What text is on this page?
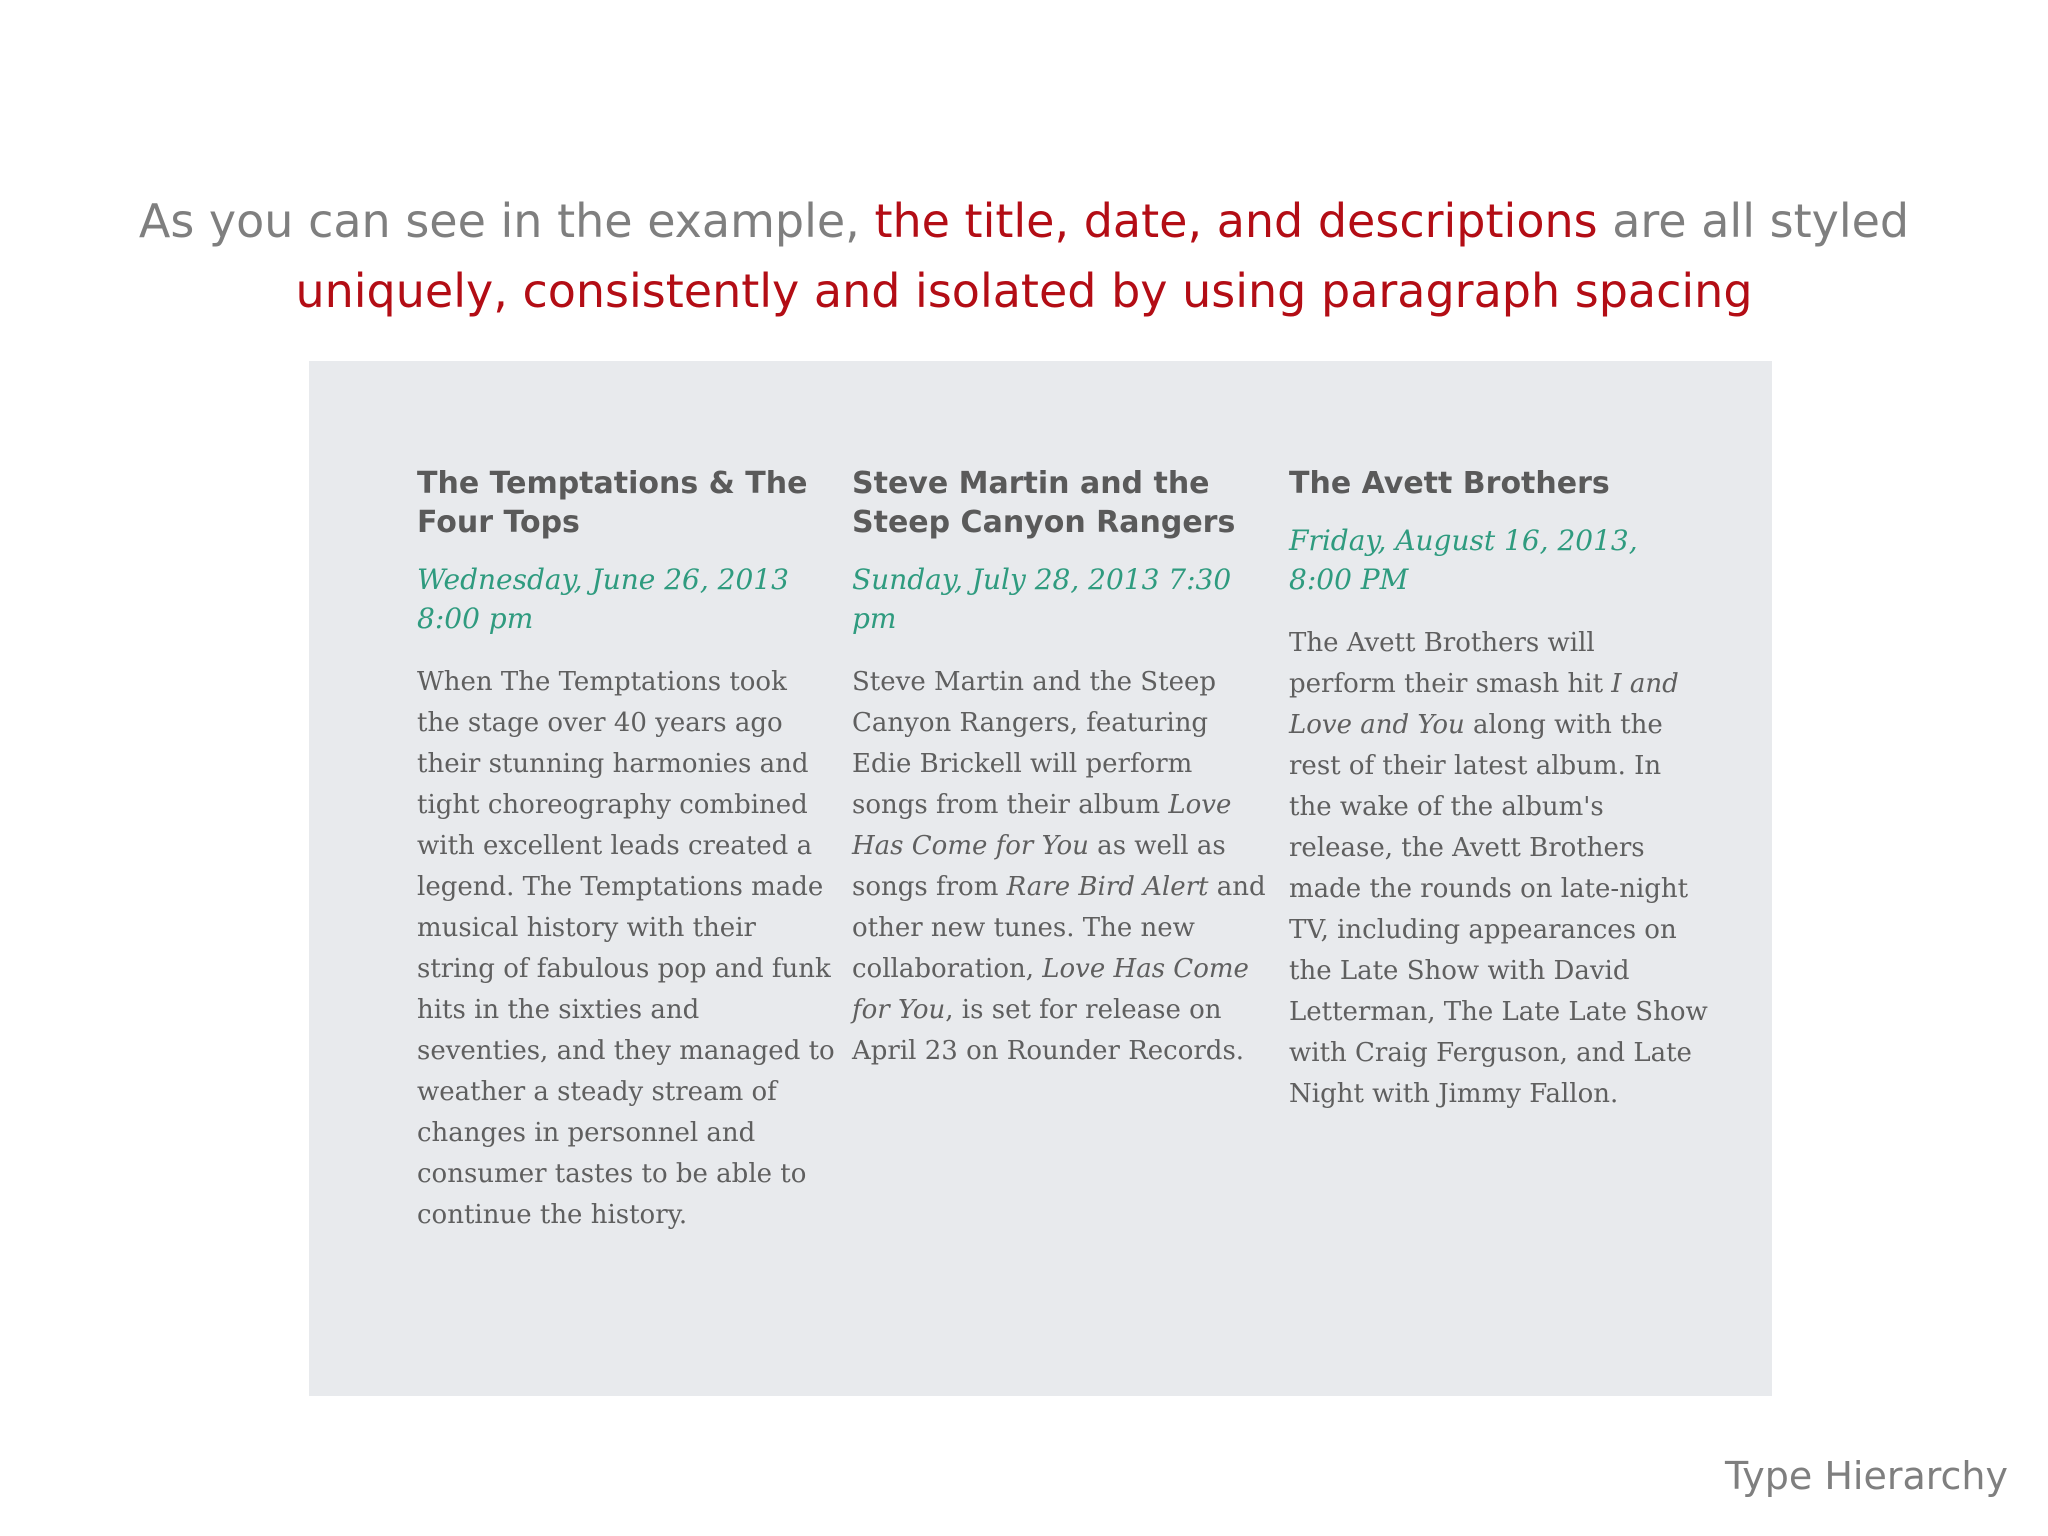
As you can see in the example, the title, date, and descriptions are all styled uniquely, consistently and isolated by using paragraph spacing
The Temptations & The Four Tops
Wednesday, June 26, 2013 8:00 pm
When The Temptations took the stage over 40 years ago their stunning harmonies and tight choreography combined with excellent leads created a legend. The Temptations made musical history with their string of fabulous pop and funk hits in the sixties and seventies, and they managed to weather a steady stream of changes in personnel and consumer tastes to be able to continue the history.
Steve Martin and the Steep Canyon Rangers
Sunday, July 28, 2013 7:30 pm
Steve Martin and the Steep Canyon Rangers, featuring Edie Brickell will perform songs from their album Love Has Come for You as well as songs from Rare Bird Alert and other new tunes. The new collaboration, Love Has Come for You, is set for release on April 23 on Rounder Records.
The Avett Brothers
Friday, August 16, 2013, 8:00 PM
The Avett Brothers will perform their smash hit I and Love and You along with the rest of their latest album. In the wake of the album's release, the Avett Brothers made the rounds on late-night TV, including appearances on the Late Show with David Letterman, The Late Late Show with Craig Ferguson, and Late Night with Jimmy Fallon.
Type Hierarchy
